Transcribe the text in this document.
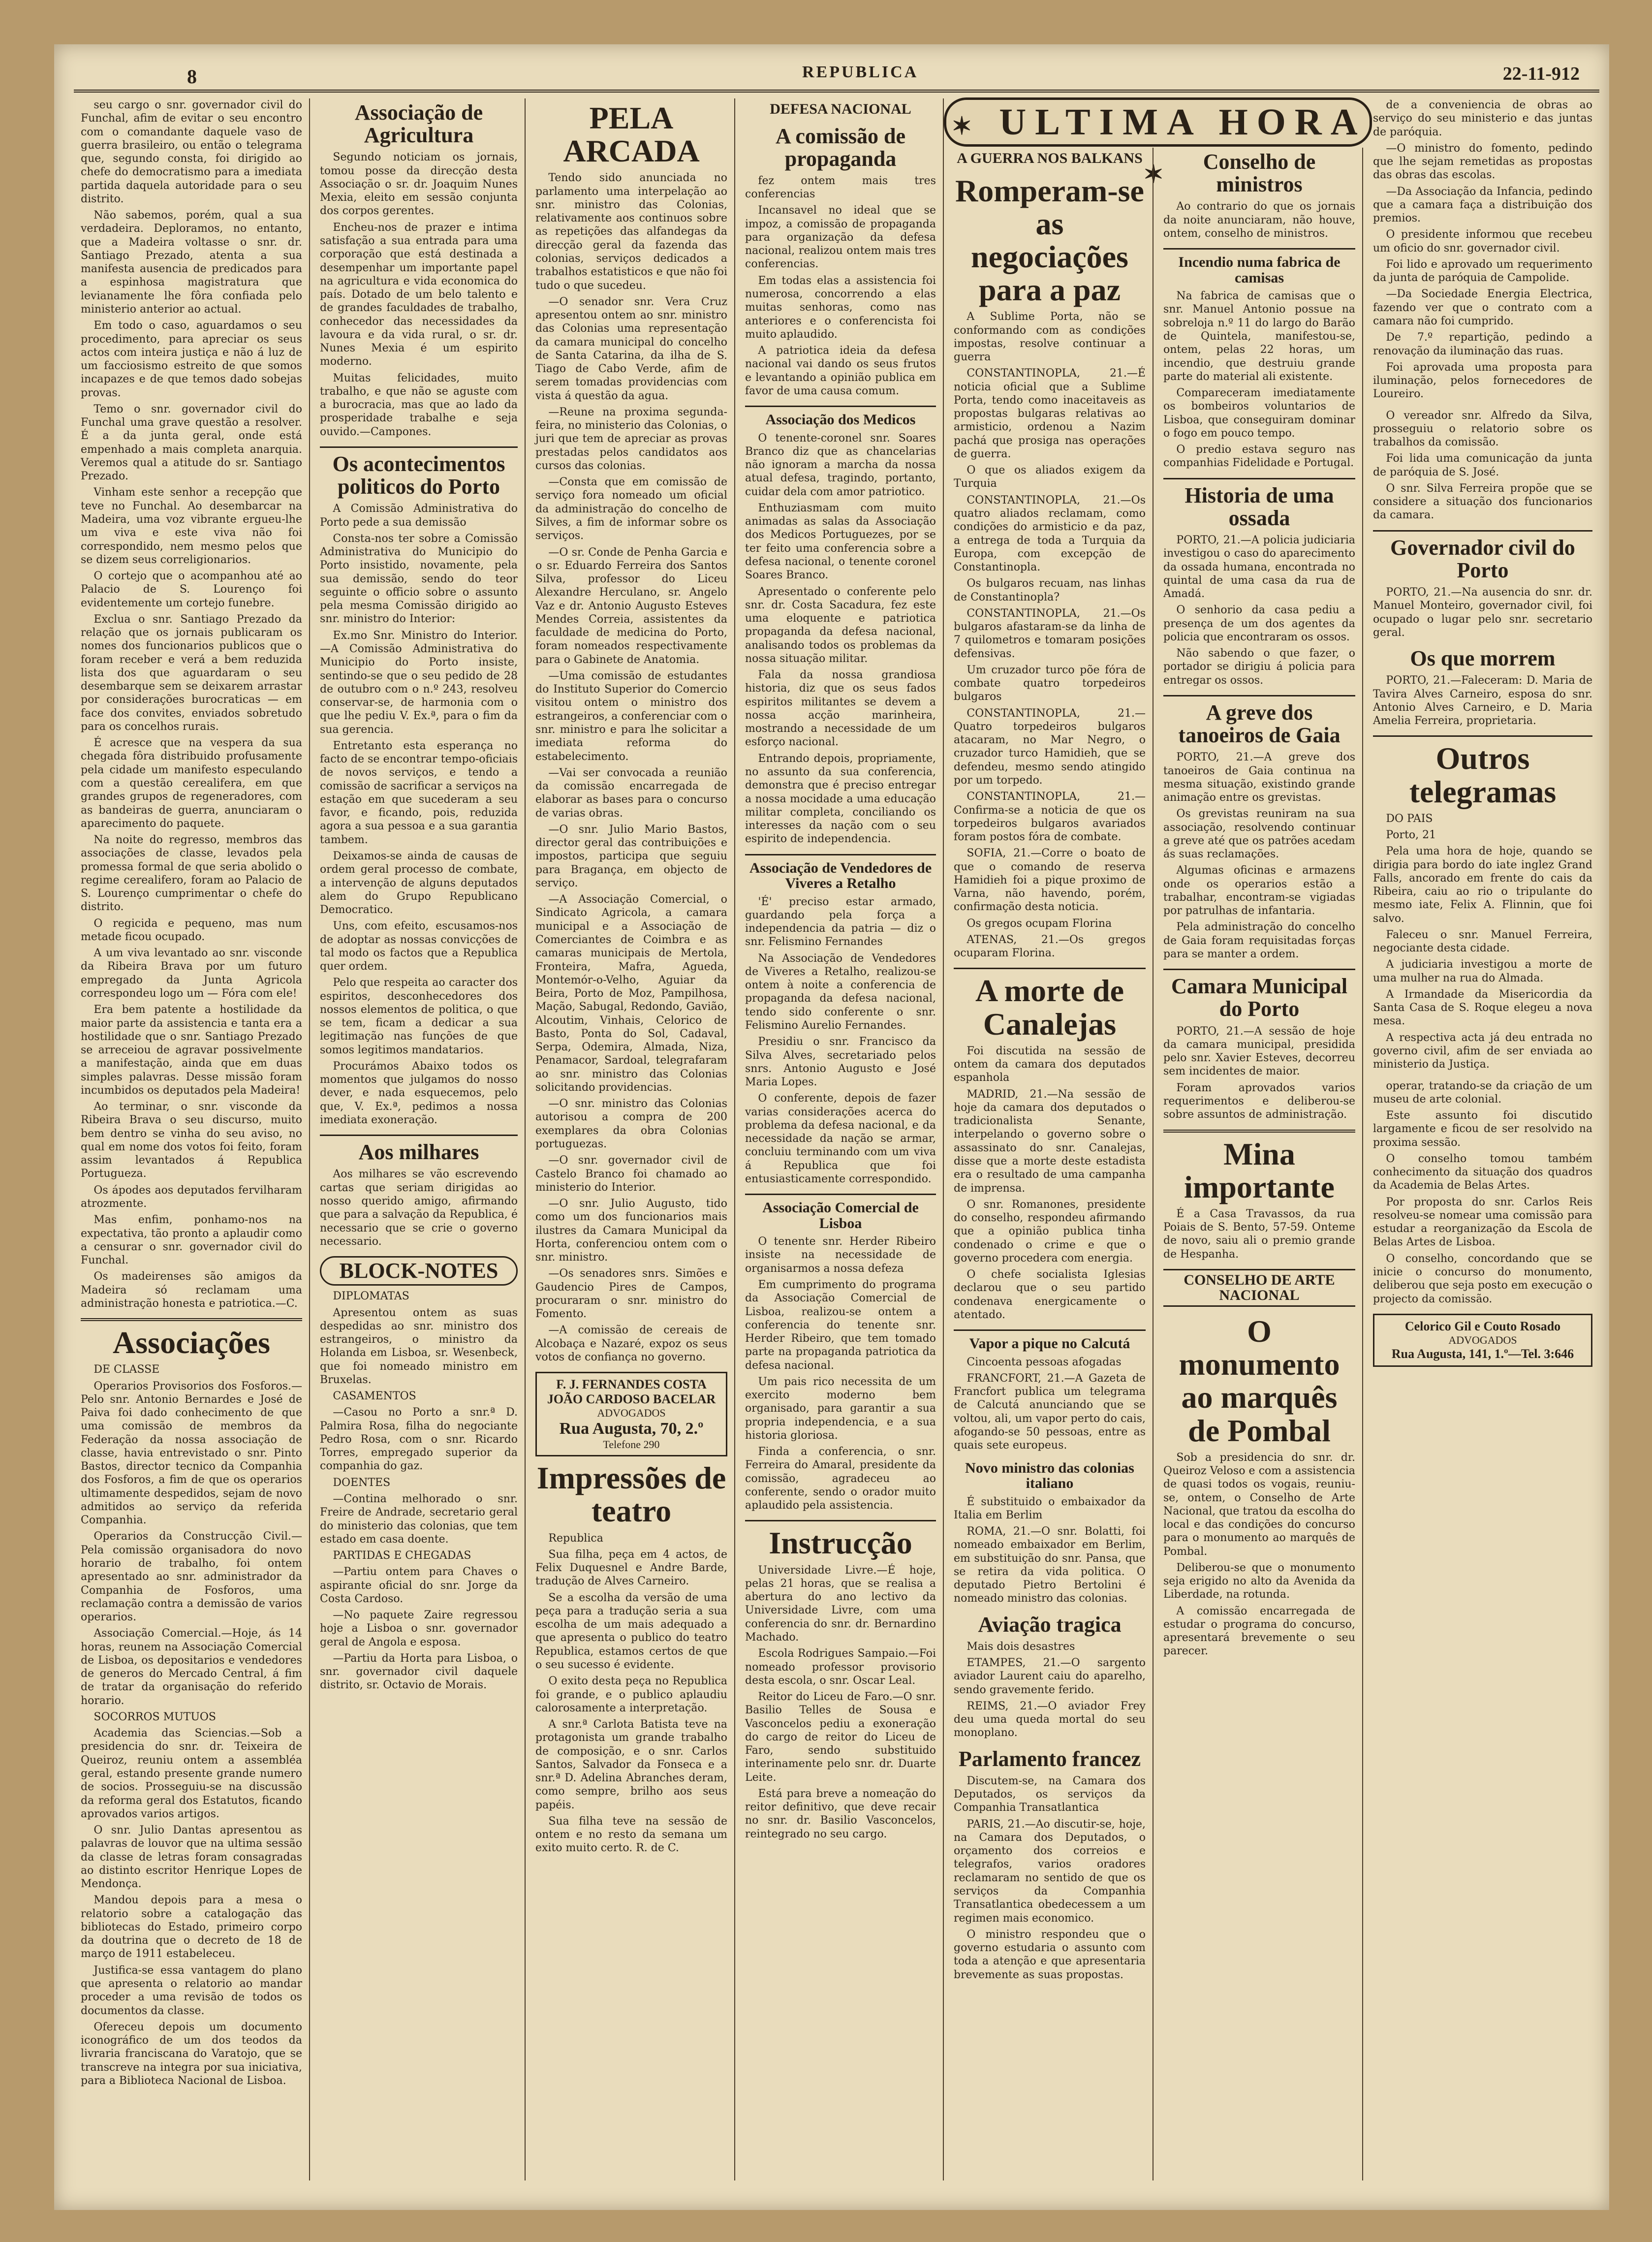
8	REPUBLICA	22-11-912
✶ ULTIMA HORA ✶

seu cargo o snr. governador civil do Funchal, afim de evitar o seu encontro com o comandante daquele vaso de guerra brasileiro, ou então o telegrama que, segundo consta, foi dirigido ao chefe do democratismo para a imediata partida daquela autoridade para o seu distrito.

Não sabemos, porém, qual a sua verdadeira. Deploramos, no entanto, que a Madeira voltasse o snr. dr. Santiago Prezado, atenta a sua manifesta ausencia de predicados para a espinhosa magistratura que levianamente lhe fôra confiada pelo ministerio anterior ao actual.

Em todo o caso, aguardamos o seu procedimento, para apreciar os seus actos com inteira justiça e não á luz de um facciosismo estreito de que somos incapazes e de que temos dado sobejas provas.

Temo o snr. governador civil do Funchal uma grave questão a resolver. É a da junta geral, onde está empenhado a mais completa anarquia. Veremos qual a atitude do sr. Santiago Prezado.

Vinham este senhor a recepção que teve no Funchal. Ao desembarcar na Madeira, uma voz vibrante ergueu-lhe um viva e este viva não foi correspondido, nem mesmo pelos que se dizem seus correligionarios.

O cortejo que o acompanhou até ao Palacio de S. Lourenço foi evidentemente um cortejo funebre.

Exclua o snr. Santiago Prezado da relação que os jornais publicaram os nomes dos funcionarios publicos que o foram receber e verá a bem reduzida lista dos que aguardaram o seu desembarque sem se deixarem arrastar por considerações burocraticas — em face dos convites, enviados sobretudo para os concelhos rurais.

É acresce que na vespera da sua chegada fôra distribuido profusamente pela cidade um manifesto especulando com a questão cerealifera, em que grandes grupos de regeneradores, com as bandeiras de guerra, anunciaram o aparecimento do paquete.

Na noite do regresso, membros das associações de classe, levados pela promessa formal de que seria abolido o regime cerealifero, foram ao Palacio de S. Lourenço cumprimentar o chefe do distrito.

O regicida e pequeno, mas num metade ficou ocupado.

A um viva levantado ao snr. visconde da Ribeira Brava por um futuro empregado da Junta Agricola correspondeu logo um — Fóra com ele!

Era bem patente a hostilidade da maior parte da assistencia e tanta era a hostilidade que o snr. Santiago Prezado se arreceiou de agravar possivelmente a manifestação, ainda que em duas simples palavras. Desse missão foram incumbidos os deputados pela Madeira!

Ao terminar, o snr. visconde da Ribeira Brava o seu discurso, muito bem dentro se vinha do seu aviso, no qual em nome dos votos foi feito, foram assim levantados á Republica Portugueza.

Os ápodes aos deputados fervilharam atrozmente.

Mas enfim, ponhamo-nos na expectativa, tão pronto a aplaudir como a censurar o snr. governador civil do Funchal.

Os madeirenses são amigos da Madeira só reclamam uma administração honesta e patriotica.—C.

Associações

DE CLASSE

Operarios Provisorios dos Fosforos.—Pelo snr. Antonio Bernardes e José de Paiva foi dado conhecimento de que uma comissão de membros da Federação da nossa associação de classe, havia entrevistado o snr. Pinto Bastos, director tecnico da Companhia dos Fosforos, a fim de que os operarios ultimamente despedidos, sejam de novo admitidos ao serviço da referida Companhia.

Operarios da Construcção Civil.—Pela comissão organisadora do novo horario de trabalho, foi ontem apresentado ao snr. administrador da Companhia de Fosforos, uma reclamação contra a demissão de varios operarios.

Associação Comercial.—Hoje, ás 14 horas, reunem na Associação Comercial de Lisboa, os depositarios e vendedores de generos do Mercado Central, á fim de tratar da organisação do referido horario.

SOCORROS MUTUOS

Academia das Sciencias.—Sob a presidencia do snr. dr. Teixeira de Queiroz, reuniu ontem a assembléa geral, estando presente grande numero de socios. Prosseguiu-se na discussão da reforma geral dos Estatutos, ficando aprovados varios artigos.

O snr. Julio Dantas apresentou as palavras de louvor que na ultima sessão da classe de letras foram consagradas ao distinto escritor Henrique Lopes de Mendonça.

Mandou depois para a mesa o relatorio sobre a catalogação das bibliotecas do Estado, primeiro corpo da doutrina que o decreto de 18 de março de 1911 estabeleceu.

Justifica-se essa vantagem do plano que apresenta o relatorio ao mandar proceder a uma revisão de todos os documentos da classe.

Ofereceu depois um documento iconográfico de um dos teodos da livraria franciscana do Varatojo, que se transcreve na integra por sua iniciativa, para a Biblioteca Nacional de Lisboa.

Associação de Agricultura

Segundo noticiam os jornais, tomou posse da direcção desta Associação o sr. dr. Joaquim Nunes Mexia, eleito em sessão conjunta dos corpos gerentes.

Encheu-nos de prazer e intima satisfação a sua entrada para uma corporação que está destinada a desempenhar um importante papel na agricultura e vida economica do país. Dotado de um belo talento e de grandes faculdades de trabalho, conhecedor das necessidades da lavoura e da vida rural, o sr. dr. Nunes Mexia é um espirito moderno.

Muitas felicidades, muito trabalho, e que não se aguste com a burocracia, mas que ao lado da prosperidade trabalhe e seja ouvido.—Campones.

Os acontecimentos politicos do Porto

A Comissão Administrativa do Porto pede a sua demissão

Consta-nos ter sobre a Comissão Administrativa do Municipio do Porto insistido, novamente, pela sua demissão, sendo do teor seguinte o officio sobre o assunto pela mesma Comissão dirigido ao snr. ministro do Interior:

Ex.mo Snr. Ministro do Interior.—A Comissão Administrativa do Municipio do Porto insiste, sentindo-se que o seu pedido de 28 de outubro com o n.º 243, resolveu conservar-se, de harmonia com o que lhe pediu V. Ex.ª, para o fim da sua gerencia.

Entretanto esta esperança no facto de se encontrar tempo-oficiais de novos serviços, e tendo a comissão de sacrificar a serviços na estação em que sucederam a seu favor, e ficando, pois, reduzida agora a sua pessoa e a sua garantia tambem.

Deixamos-se ainda de causas de ordem geral processo de combate, a intervenção de alguns deputados alem do Grupo Republicano Democratico.

Uns, com efeito, escusamos-nos de adoptar as nossas convicções de tal modo os factos que a Republica quer ordem.

Pelo que respeita ao caracter dos espiritos, desconhecedores dos nossos elementos de politica, o que se tem, ficam a dedicar a sua legitimação nas funções de que somos legitimos mandatarios.

Procurámos Abaixo todos os momentos que julgamos do nosso dever, e nada esquecemos, pelo que, V. Ex.ª, pedimos a nossa imediata exoneração.

Aos milhares

Aos milhares se vão escrevendo cartas que seriam dirigidas ao nosso querido amigo, afirmando que para a salvação da Republica, é necessario que se crie o governo necessario.

BLOCK-NOTES

DIPLOMATAS

Apresentou ontem as suas despedidas ao snr. ministro dos estrangeiros, o ministro da Holanda em Lisboa, sr. Wesenbeck, que foi nomeado ministro em Bruxelas.

CASAMENTOS

—Casou no Porto a snr.ª D. Palmira Rosa, filha do negociante Pedro Rosa, com o snr. Ricardo Torres, empregado superior da companhia do gaz.

DOENTES

—Contina melhorado o snr. Freire de Andrade, secretario geral do ministerio das colonias, que tem estado em casa doente.

PARTIDAS E CHEGADAS

—Partiu ontem para Chaves o aspirante oficial do snr. Jorge da Costa Cardoso.

—No paquete Zaire regressou hoje a Lisboa o snr. governador geral de Angola e esposa.

—Partiu da Horta para Lisboa, o snr. governador civil daquele distrito, sr. Octavio de Morais.

PELA ARCADA

Tendo sido anunciada no parlamento uma interpelação ao snr. ministro das Colonias, relativamente aos continuos sobre as repetições das alfandegas da direcção geral da fazenda das colonias, serviços dedicados a trabalhos estatisticos e que não foi tudo o que sucedeu.

—O senador snr. Vera Cruz apresentou ontem ao snr. ministro das Colonias uma representação da camara municipal do concelho de Santa Catarina, da ilha de S. Tiago de Cabo Verde, afim de serem tomadas providencias com vista á questão da agua.

—Reune na proxima segunda-feira, no ministerio das Colonias, o juri que tem de apreciar as provas prestadas pelos candidatos aos cursos das colonias.

—Consta que em comissão de serviço fora nomeado um oficial da administração do concelho de Silves, a fim de informar sobre os serviços.

—O sr. Conde de Penha Garcia e o sr. Eduardo Ferreira dos Santos Silva, professor do Liceu Alexandre Herculano, sr. Angelo Vaz e dr. Antonio Augusto Esteves Mendes Correia, assistentes da faculdade de medicina do Porto, foram nomeados respectivamente para o Gabinete de Anatomia.

—Uma comissão de estudantes do Instituto Superior do Comercio visitou ontem o ministro dos estrangeiros, a conferenciar com o snr. ministro e para lhe solicitar a imediata reforma do estabelecimento.

—Vai ser convocada a reunião da comissão encarregada de elaborar as bases para o concurso de varias obras.

—O snr. Julio Mario Bastos, director geral das contribuições e impostos, participa que seguiu para Bragança, em objecto de serviço.

—A Associação Comercial, o Sindicato Agricola, a camara municipal e a Associação de Comerciantes de Coimbra e as camaras municipais de Mertola, Fronteira, Mafra, Agueda, Montemór-o-Velho, Aguiar da Beira, Porto de Moz, Pampilhosa, Mação, Sabugal, Redondo, Gavião, Alcoutim, Vinhais, Celorico de Basto, Ponta do Sol, Cadaval, Serpa, Odemira, Almada, Niza, Penamacor, Sardoal, telegrafaram ao snr. ministro das Colonias solicitando providencias.

—O snr. ministro das Colonias autorisou a compra de 200 exemplares da obra Colonias portuguezas.

—O snr. governador civil de Castelo Branco foi chamado ao ministerio do Interior.

—O snr. Julio Augusto, tido como um dos funcionarios mais ilustres da Camara Municipal da Horta, conferenciou ontem com o snr. ministro.

—Os senadores snrs. Simões e Gaudencio Pires de Campos, procuraram o snr. ministro do Fomento.

—A comissão de cereais de Alcobaça e Nazaré, expoz os seus votos de confiança no governo.

F. J. FERNANDES COSTA
JOÃO CARDOSO BACELAR
ADVOGADOS
Rua Augusta, 70, 2.º
Telefone 290
Impressões de teatro

Republica

Sua filha, peça em 4 actos, de Felix Duquesnel e Andre Barde, tradução de Alves Carneiro.

Se a escolha da versão de uma peça para a tradução seria a sua escolha de um mais adequado a que apresenta o publico do teatro Republica, estamos certos de que o seu sucesso é evidente.

O exito desta peça no Republica foi grande, e o publico aplaudiu calorosamente a interpretação.

A snr.ª Carlota Batista teve na protagonista um grande trabalho de composição, e o snr. Carlos Santos, Salvador da Fonseca e a snr.ª D. Adelina Abranches deram, como sempre, brilho aos seus papéis.

Sua filha teve na sessão de ontem e no resto da semana um exito muito certo. R. de C.

DEFESA NACIONAL
A comissão de propaganda

fez ontem mais tres conferencias

Incansavel no ideal que se impoz, a comissão de propaganda para organização da defesa nacional, realizou ontem mais tres conferencias.

Em todas elas a assistencia foi numerosa, concorrendo a elas muitas senhoras, como nas anteriores e o conferencista foi muito aplaudido.

A patriotica ideia da defesa nacional vai dando os seus frutos e levantando a opinião publica em favor de uma causa comum.

Associação dos Medicos

O tenente-coronel snr. Soares Branco diz que as chancelarias não ignoram a marcha da nossa atual defesa, tragindo, portanto, cuidar dela com amor patriotico.

Enthuziasmam com muito animadas as salas da Associação dos Medicos Portuguezes, por se ter feito uma conferencia sobre a defesa nacional, o tenente coronel Soares Branco.

Apresentado o conferente pelo snr. dr. Costa Sacadura, fez este uma eloquente e patriotica propaganda da defesa nacional, analisando todos os problemas da nossa situação militar.

Fala da nossa grandiosa historia, diz que os seus fados espiritos militantes se devem a nossa acção marinheira, mostrando a necessidade de um esforço nacional.

Entrando depois, propriamente, no assunto da sua conferencia, demonstra que é preciso entregar a nossa mocidade a uma educação militar completa, conciliando os interesses da nação com o seu espirito de independencia.

Associação de Vendedores de Viveres a Retalho

'É' preciso estar armado, guardando pela força a independencia da patria — diz o snr. Felismino Fernandes

Na Associação de Vendedores de Viveres a Retalho, realizou-se ontem à noite a conferencia de propaganda da defesa nacional, tendo sido conferente o snr. Felismino Aurelio Fernandes.

Presidiu o snr. Francisco da Silva Alves, secretariado pelos snrs. Antonio Augusto e José Maria Lopes.

O conferente, depois de fazer varias considerações acerca do problema da defesa nacional, e da necessidade da nação se armar, concluiu terminando com um viva á Republica que foi entusiasticamente correspondido.

Associação Comercial de Lisboa

O tenente snr. Herder Ribeiro insiste na necessidade de organisarmos a nossa defeza

Em cumprimento do programa da Associação Comercial de Lisboa, realizou-se ontem a conferencia do tenente snr. Herder Ribeiro, que tem tomado parte na propaganda patriotica da defesa nacional.

Um pais rico necessita de um exercito moderno bem organisado, para garantir a sua propria independencia, e a sua historia gloriosa.

Finda a conferencia, o snr. Ferreira do Amaral, presidente da comissão, agradeceu ao conferente, sendo o orador muito aplaudido pela assistencia.

Instrucção

Universidade Livre.—É hoje, pelas 21 horas, que se realisa a abertura do ano lectivo da Universidade Livre, com uma conferencia do snr. dr. Bernardino Machado.

Escola Rodrigues Sampaio.—Foi nomeado professor provisorio desta escola, o snr. Oscar Leal.

Reitor do Liceu de Faro.—O snr. Basilio Telles de Sousa e Vasconcelos pediu a exoneração do cargo de reitor do Liceu de Faro, sendo substituido interinamente pelo snr. dr. Duarte Leite.

Está para breve a nomeação do reitor definitivo, que deve recair no snr. dr. Basilio Vasconcelos, reintegrado no seu cargo.

A GUERRA NOS BALKANS
Romperam-se as negociações para a paz

A Sublime Porta, não se conformando com as condições impostas, resolve continuar a guerra

CONSTANTINOPLA, 21.—É noticia oficial que a Sublime Porta, tendo como inaceitaveis as propostas bulgaras relativas ao armisticio, ordenou a Nazim pachá que prosiga nas operações de guerra.

O que os aliados exigem da Turquia

CONSTANTINOPLA, 21.—Os quatro aliados reclamam, como condições do armisticio e da paz, a entrega de toda a Turquia da Europa, com excepção de Constantinopla.

Os bulgaros recuam, nas linhas de Constantinopla?

CONSTANTINOPLA, 21.—Os bulgaros afastaram-se da linha de 7 quilometros e tomaram posições defensivas.

Um cruzador turco põe fóra de combate quatro torpedeiros bulgaros

CONSTANTINOPLA, 21.—Quatro torpedeiros bulgaros atacaram, no Mar Negro, o cruzador turco Hamidieh, que se defendeu, mesmo sendo atingido por um torpedo.

CONSTANTINOPLA, 21.—Confirma-se a noticia de que os torpedeiros bulgaros avariados foram postos fóra de combate.

SOFIA, 21.—Corre o boato de que o comando de reserva Hamidieh foi a pique proximo de Varna, não havendo, porém, confirmação desta noticia.

Os gregos ocupam Florina

ATENAS, 21.—Os gregos ocuparam Florina.

A morte de Canalejas

Foi discutida na sessão de ontem da camara dos deputados espanhola

MADRID, 21.—Na sessão de hoje da camara dos deputados o tradicionalista Senante, interpelando o governo sobre o assassinato do snr. Canalejas, disse que a morte deste estadista era o resultado de uma campanha de imprensa.

O snr. Romanones, presidente do conselho, respondeu afirmando que a opinião publica tinha condenado o crime e que o governo procedera com energia.

O chefe socialista Iglesias declarou que o seu partido condenava energicamente o atentado.

Vapor a pique no Calcutá

Cincoenta pessoas afogadas

FRANCFORT, 21.—A Gazeta de Francfort publica um telegrama de Calcutá anunciando que se voltou, ali, um vapor perto do cais, afogando-se 50 pessoas, entre as quais sete europeus.

Novo ministro das colonias italiano

É substituido o embaixador da Italia em Berlim

ROMA, 21.—O snr. Bolatti, foi nomeado embaixador em Berlim, em substituição do snr. Pansa, que se retira da vida politica. O deputado Pietro Bertolini é nomeado ministro das colonias.

Aviação tragica

Mais dois desastres

ETAMPES, 21.—O sargento aviador Laurent caiu do aparelho, sendo gravemente ferido.

REIMS, 21.—O aviador Frey deu uma queda mortal do seu monoplano.

Parlamento francez

Discutem-se, na Camara dos Deputados, os serviços da Companhia Transatlantica

PARIS, 21.—Ao discutir-se, hoje, na Camara dos Deputados, o orçamento dos correios e telegrafos, varios oradores reclamaram no sentido de que os serviços da Companhia Transatlantica obedecessem a um regimen mais economico.

O ministro respondeu que o governo estudaria o assunto com toda a atenção e que apresentaria brevemente as suas propostas.

Conselho de ministros

Ao contrario do que os jornais da noite anunciaram, não houve, ontem, conselho de ministros.

Incendio numa fabrica de camisas

Na fabrica de camisas que o snr. Manuel Antonio possue na sobreloja n.º 11 do largo do Barão de Quintela, manifestou-se, ontem, pelas 22 horas, um incendio, que destruiu grande parte do material ali existente.

Compareceram imediatamente os bombeiros voluntarios de Lisboa, que conseguiram dominar o fogo em pouco tempo.

O predio estava seguro nas companhias Fidelidade e Portugal.

Historia de uma ossada

PORTO, 21.—A policia judiciaria investigou o caso do aparecimento da ossada humana, encontrada no quintal de uma casa da rua de Amadá.

O senhorio da casa pediu a presença de um dos agentes da policia que encontraram os ossos.

Não sabendo o que fazer, o portador se dirigiu á policia para entregar os ossos.

A greve dos tanoeiros de Gaia

PORTO, 21.—A greve dos tanoeiros de Gaia continua na mesma situação, existindo grande animação entre os grevistas.

Os grevistas reuniram na sua associação, resolvendo continuar a greve até que os patrões acedam ás suas reclamações.

Algumas oficinas e armazens onde os operarios estão a trabalhar, encontram-se vigiadas por patrulhas de infantaria.

Pela administração do concelho de Gaia foram requisitadas forças para se manter a ordem.

Camara Municipal do Porto

PORTO, 21.—A sessão de hoje da camara municipal, presidida pelo snr. Xavier Esteves, decorreu sem incidentes de maior.

Foram aprovados varios requerimentos e deliberou-se sobre assuntos de administração.

Mina importante

É a Casa Travassos, da rua Poiais de S. Bento, 57-59. Onteme de novo, saiu ali o premio grande de Hespanha.

CONSELHO DE ARTE NACIONAL
O monumento ao marquês de Pombal

Sob a presidencia do snr. dr. Queiroz Veloso e com a assistencia de quasi todos os vogais, reuniu-se, ontem, o Conselho de Arte Nacional, que tratou da escolha do local e das condições do concurso para o monumento ao marquês de Pombal.

Deliberou-se que o monumento seja erigido no alto da Avenida da Liberdade, na rotunda.

A comissão encarregada de estudar o programa do concurso, apresentará brevemente o seu parecer.

de a conveniencia de obras ao serviço do seu ministerio e das juntas de paróquia.

—O ministro do fomento, pedindo que lhe sejam remetidas as propostas das obras das escolas.

—Da Associação da Infancia, pedindo que a camara faça a distribuição dos premios.

O presidente informou que recebeu um oficio do snr. governador civil.

Foi lido e aprovado um requerimento da junta de paróquia de Campolide.

—Da Sociedade Energia Electrica, fazendo ver que o contrato com a camara não foi cumprido.

De 7.º repartição, pedindo a renovação da iluminação das ruas.

Foi aprovada uma proposta para iluminação, pelos fornecedores de Loureiro.

O vereador snr. Alfredo da Silva, prosseguiu o relatorio sobre os trabalhos da comissão.

Foi lida uma comunicação da junta de paróquia de S. José.

O snr. Silva Ferreira propõe que se considere a situação dos funcionarios da camara.

Governador civil do Porto

PORTO, 21.—Na ausencia do snr. dr. Manuel Monteiro, governador civil, foi ocupado o lugar pelo snr. secretario geral.

Os que morrem

PORTO, 21.—Faleceram: D. Maria de Tavira Alves Carneiro, esposa do snr. Antonio Alves Carneiro, e D. Maria Amelia Ferreira, proprietaria.

Outros telegramas

DO PAIS

Porto, 21

Pela uma hora de hoje, quando se dirigia para bordo do iate inglez Grand Falls, ancorado em frente do cais da Ribeira, caiu ao rio o tripulante do mesmo iate, Felix A. Flinnin, que foi salvo.

Faleceu o snr. Manuel Ferreira, negociante desta cidade.

A judiciaria investigou a morte de uma mulher na rua do Almada.

A Irmandade da Misericordia da Santa Casa de S. Roque elegeu a nova mesa.

A respectiva acta já deu entrada no governo civil, afim de ser enviada ao ministerio da Justiça.

operar, tratando-se da criação de um museu de arte colonial.

Este assunto foi discutido largamente e ficou de ser resolvido na proxima sessão.

O conselho tomou também conhecimento da situação dos quadros da Academia de Belas Artes.

Por proposta do snr. Carlos Reis resolveu-se nomear uma comissão para estudar a reorganização da Escola de Belas Artes de Lisboa.

O conselho, concordando que se inicie o concurso do monumento, deliberou que seja posto em execução o projecto da comissão.

Celorico Gil e Couto Rosado
ADVOGADOS
Rua Augusta, 141, 1.º—Tel. 3:646
